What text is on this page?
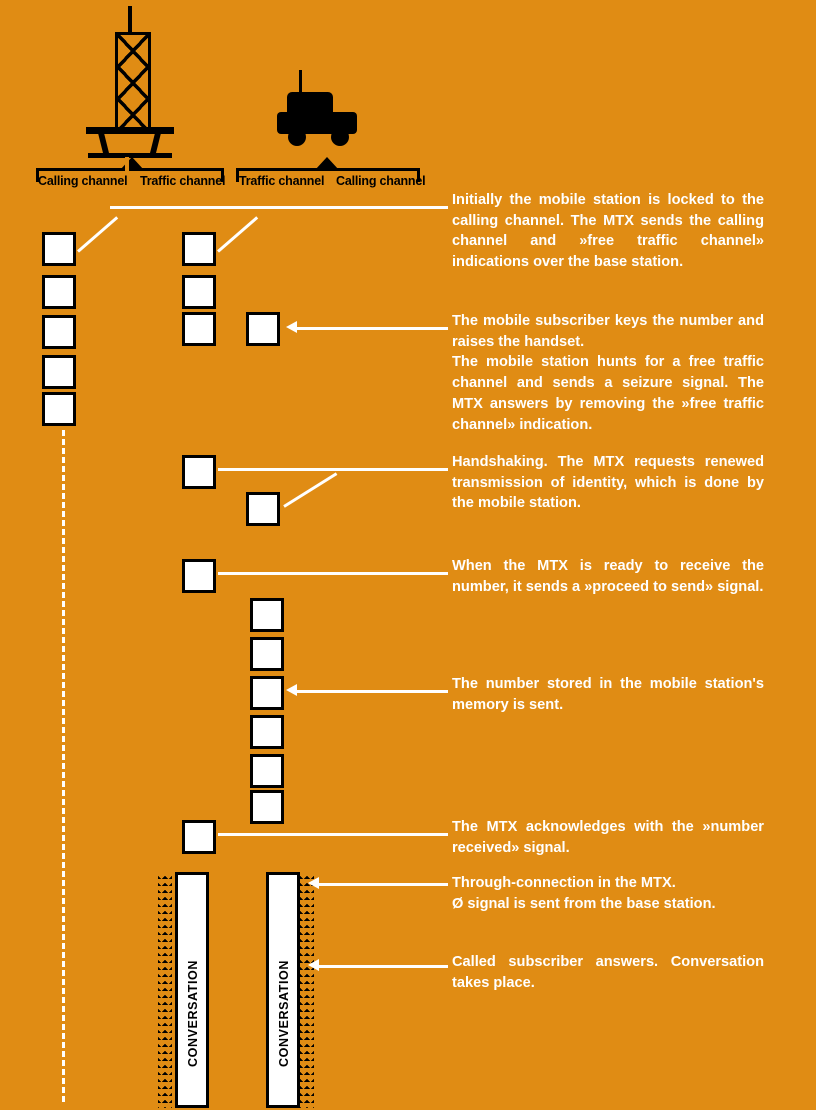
Calling channel Traffic channel Traffic channel Calling channel
CONVERSATION	CONVERSATION

Initially the mobile station is locked to the calling channel. The MTX sends the calling channel and »free traffic channel» indications over the base station.

The mobile subscriber keys the number and raises the handset.

The mobile station hunts for a free traffic channel and sends a seizure signal. The MTX answers by removing the »free traffic channel» indication.

Handshaking. The MTX requests renewed transmission of identity, which is done by the mobile station.

When the MTX is ready to receive the number, it sends a »proceed to send» signal.

The number stored in the mobile station's memory is sent.

The MTX acknowledges with the »number received» signal.

Through-connection in the MTX.

Ø signal is sent from the base station.

Called subscriber answers. Conversation takes place.
